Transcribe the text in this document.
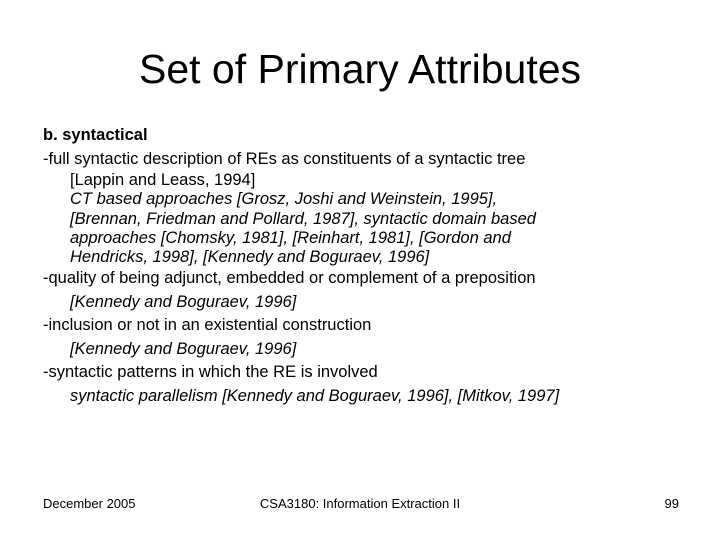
Set of Primary Attributes
b. syntactical
-full syntactic description of REs as constituents of a syntactic tree
[Lappin and Leass, 1994]
CT based approaches [Grosz, Joshi and Weinstein, 1995],
[Brennan, Friedman and Pollard, 1987], syntactic domain based
approaches [Chomsky, 1981], [Reinhart, 1981], [Gordon and
Hendricks, 1998], [Kennedy and Boguraev, 1996]
-quality of being adjunct, embedded or complement of a preposition
[Kennedy and Boguraev, 1996]
-inclusion or not in an existential construction
[Kennedy and Boguraev, 1996]
-syntactic patterns in which the RE is involved
syntactic parallelism [Kennedy and Boguraev, 1996], [Mitkov, 1997]
December 2005	CSA3180: Information Extraction II	99
